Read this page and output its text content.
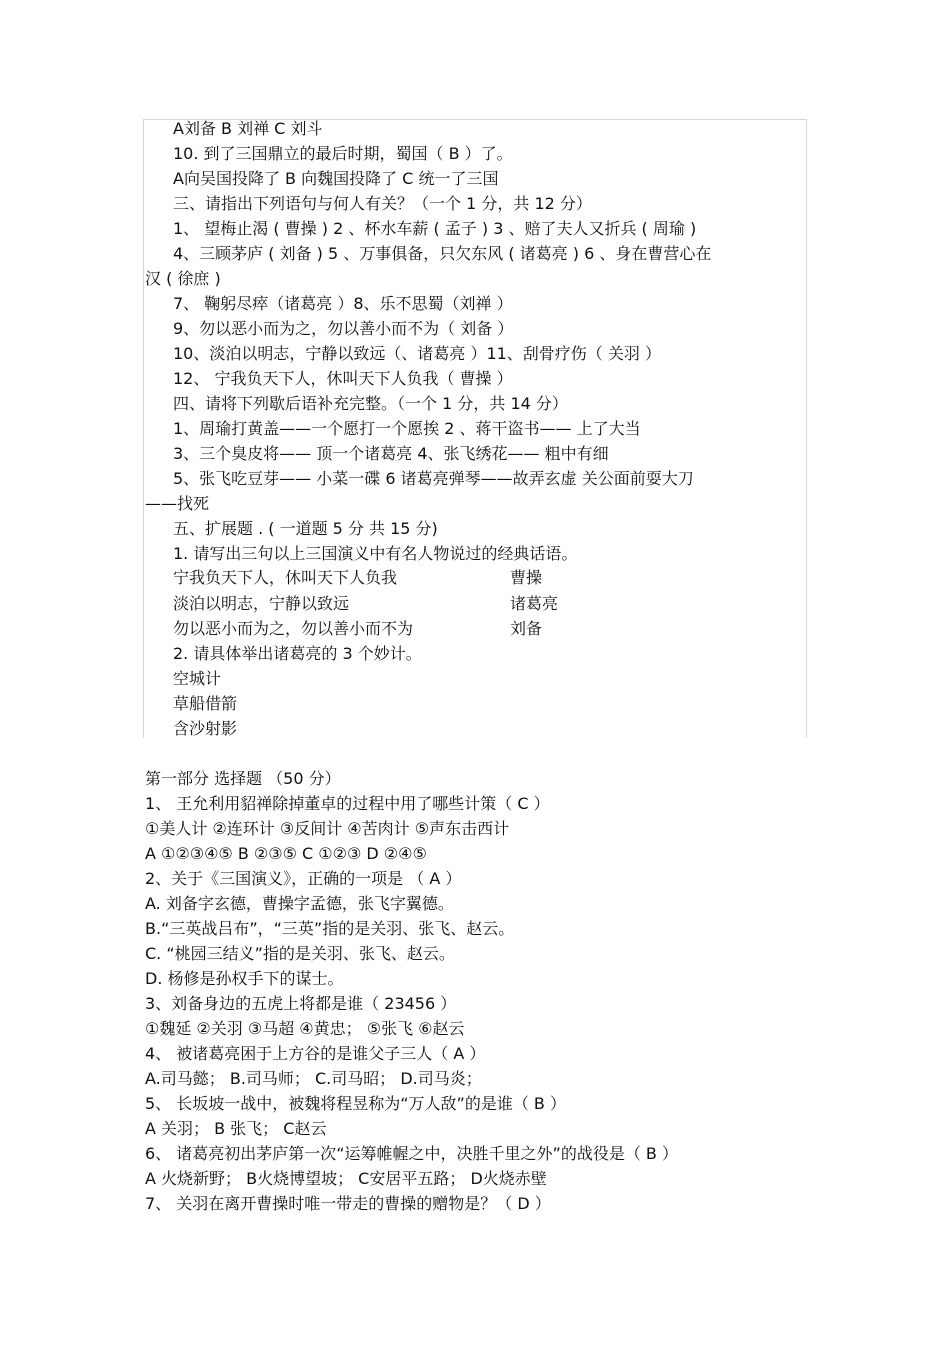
A刘备 B 刘禅 C 刘斗
10. 到了三国鼎立的最后时期，蜀国（ B ）了。
A向吴国投降了 B 向魏国投降了 C 统一了三国
三、请指出下列语句与何人有关？（一个 1 分，共 12 分）
1、 望梅止渴 ( 曹操 ) 2 、杯水车薪 ( 孟子 ) 3 、赔了夫人又折兵 ( 周瑜 )
4、三顾茅庐 ( 刘备 ) 5 、万事俱备，只欠东风 ( 诸葛亮 ) 6 、身在曹营心在
汉 ( 徐庶 )
7、 鞠躬尽瘁（诸葛亮 ）8、乐不思蜀（刘禅 ）
9、勿以恶小而为之，勿以善小而不为（ 刘备 ）
10、淡泊以明志，宁静以致远（、诸葛亮 ）11、刮骨疗伤（ 关羽 ）
12、 宁我负天下人，休叫天下人负我（ 曹操 ）
四、请将下列歇后语补充完整。（一个 1 分，共 14 分）
1、周瑜打黄盖——一个愿打一个愿挨 2 、蒋干盗书—— 上了大当
3、三个臭皮将—— 顶一个诸葛亮 4、张飞绣花—— 粗中有细
5、张飞吃豆芽—— 小菜一碟 6 诸葛亮弹琴——故弄玄虚 关公面前耍大刀
——找死
五、扩展题 . ( 一道题 5 分 共 15 分)
1. 请写出三句以上三国演义中有名人物说过的经典话语。
宁我负天下人，休叫天下人负我	曹操
淡泊以明志，宁静以致远	诸葛亮
勿以恶小而为之，勿以善小而不为	刘备
2. 请具体举出诸葛亮的 3 个妙计。
空城计
草船借箭
含沙射影
第一部分 选择题 （50 分）
1、 王允利用貂禅除掉董卓的过程中用了哪些计策（ C ）
①美人计 ②连环计 ③反间计 ④苦肉计 ⑤声东击西计
A ①②③④⑤ B ②③⑤ C ①②③ D ②④⑤
2、关于《三国演义》，正确的一项是 （ A ）
A. 刘备字玄德，曹操字孟德，张飞字翼德。
B.“三英战吕布”，“三英”指的是关羽、张飞、赵云。
C. “桃园三结义”指的是关羽、张飞、赵云。
D. 杨修是孙权手下的谋士。
3、刘备身边的五虎上将都是谁（ 23456 ）
①魏延 ②关羽 ③马超 ④黄忠； ⑤张飞 ⑥赵云
4、 被诸葛亮困于上方谷的是谁父子三人（ A ）
A.司马懿； B.司马师； C.司马昭； D.司马炎；
5、 长坂坡一战中，被魏将程昱称为“万人敌”的是谁（ B ）
A 关羽； B 张飞； C赵云
6、 诸葛亮初出茅庐第一次“运筹帷幄之中，决胜千里之外”的战役是（ B ）
A 火烧新野； B火烧博望坡； C安居平五路； D火烧赤壁
7、 关羽在离开曹操时唯一带走的曹操的赠物是？（ D ）
